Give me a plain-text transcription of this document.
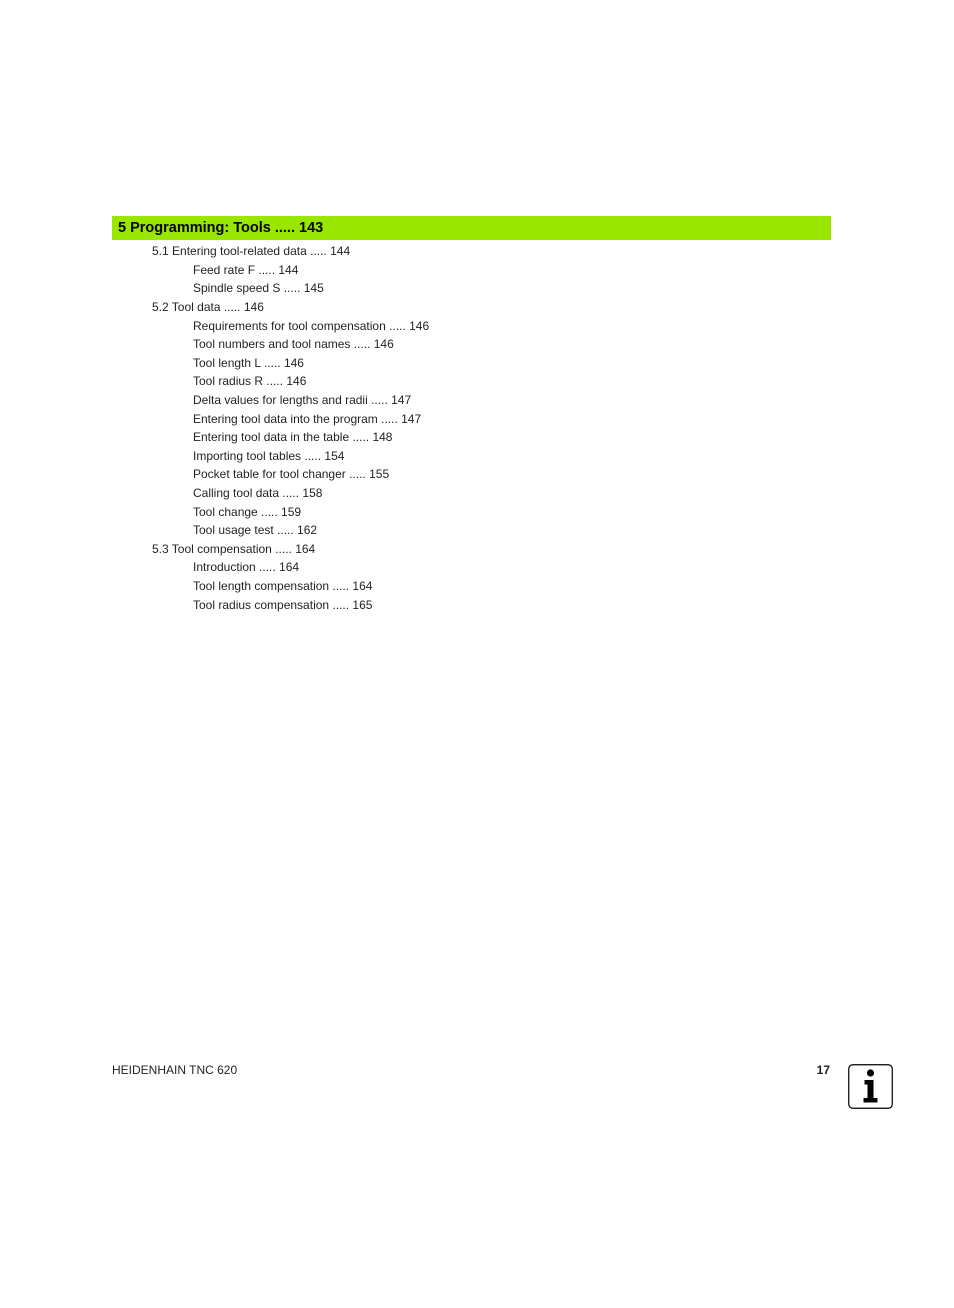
5 Programming: Tools ..... 143
5.1 Entering tool-related data ..... 144
Feed rate F ..... 144
Spindle speed S ..... 145
5.2 Tool data ..... 146
Requirements for tool compensation ..... 146
Tool numbers and tool names ..... 146
Tool length L ..... 146
Tool radius R ..... 146
Delta values for lengths and radii ..... 147
Entering tool data into the program ..... 147
Entering tool data in the table ..... 148
Importing tool tables ..... 154
Pocket table for tool changer ..... 155
Calling tool data ..... 158
Tool change ..... 159
Tool usage test ..... 162
5.3 Tool compensation ..... 164
Introduction ..... 164
Tool length compensation ..... 164
Tool radius compensation ..... 165
HEIDENHAIN TNC 620	17
